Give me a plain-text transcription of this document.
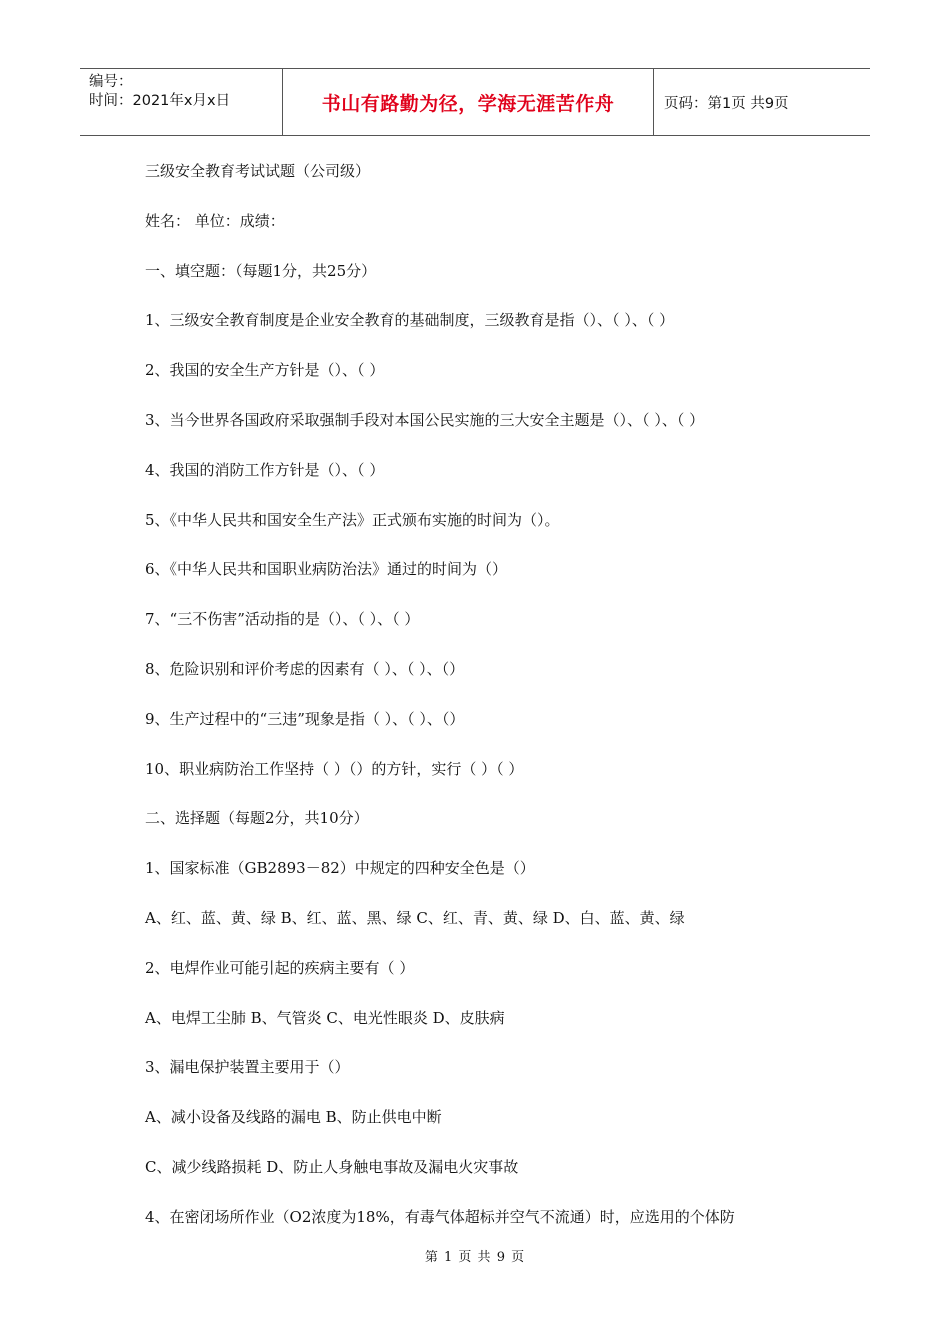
编号：
时间：2021年x月x日	书山有路勤为径，学海无涯苦作舟	页码：第1页 共9页
三级安全教育考试试题（公司级）
姓名： 单位：成绩：
一、填空题：（每题1分，共25分）
1、三级安全教育制度是企业安全教育的基础制度，三级教育是指（）、（ ）、（ ）
2、我国的安全生产方针是（）、（ ）
3、当今世界各国政府采取强制手段对本国公民实施的三大安全主题是（）、（ ）、（ ）
4、我国的消防工作方针是（）、（ ）
5、《中华人民共和国安全生产法》正式颁布实施的时间为（）。
6、《中华人民共和国职业病防治法》通过的时间为（）
7、“三不伤害”活动指的是（）、（ ）、（ ）
8、危险识别和评价考虑的因素有（ ）、（ ）、（）
9、生产过程中的“三违”现象是指（ ）、（ ）、（）
10、职业病防治工作坚持（ ）（）的方针，实行（ ）（ ）
二、选择题（每题2分，共10分）
1、国家标准（GB2893－82）中规定的四种安全色是（）
A、红、蓝、黄、绿 B、红、蓝、黑、绿 C、红、青、黄、绿 D、白、蓝、黄、绿
2、电焊作业可能引起的疾病主要有（ ）
A、电焊工尘肺 B、气管炎 C、电光性眼炎 D、皮肤病
3、漏电保护装置主要用于（）
A、减小设备及线路的漏电 B、防止供电中断
C、减少线路损耗 D、防止人身触电事故及漏电火灾事故
4、在密闭场所作业（O2浓度为18%，有毒气体超标并空气不流通）时，应选用的个体防
第 1 页 共 9 页
